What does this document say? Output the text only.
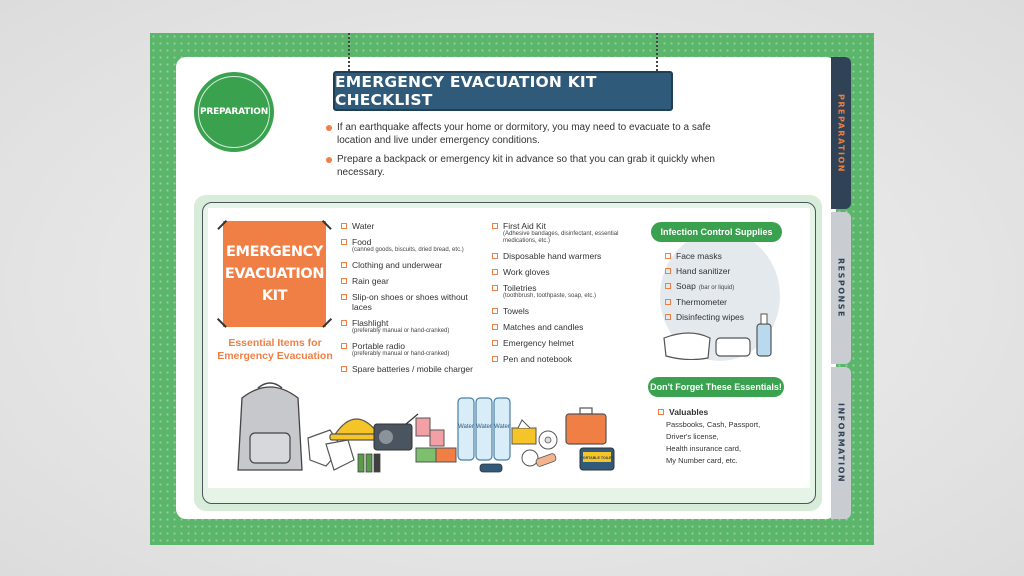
PREPARATION
RESPONSE
INFORMATION
PREPARATION
EMERGENCY EVACUATION KIT CHECKLIST
If an earthquake affects your home or dormitory, you may need to evacuate to a safe location and live under emergency conditions.
Prepare a backpack or emergency kit in advance so that you can grab it quickly when necessary.
EMERGENCY
EVACUATION
KIT
Essential Items for Emergency Evacuation
Water
Food
(canned goods, biscuits, dried bread, etc.)
Clothing and underwear
Rain gear
Slip-on shoes or shoes without laces
Flashlight
(preferably manual or hand-cranked)
Portable radio
(preferably manual or hand-cranked)
Spare batteries / mobile charger
First Aid Kit
(Adhesive bandages, disinfectant, essential medications, etc.)
Disposable hand warmers
Work gloves
Toiletries
(toothbrush, toothpaste, soap, etc.)
Towels
Matches and candles
Emergency helmet
Pen and notebook
Infection Control Supplies
Face masks
Hand sanitizer
Soap (bar or liquid)
Thermometer
Disinfecting wipes
Don't Forget These Essentials!
Valuables
Passbooks, Cash, Passport,
Driver's license,
Health insurance card,
My Number card, etc.
Water Water Water
PORTABLE TOILET
